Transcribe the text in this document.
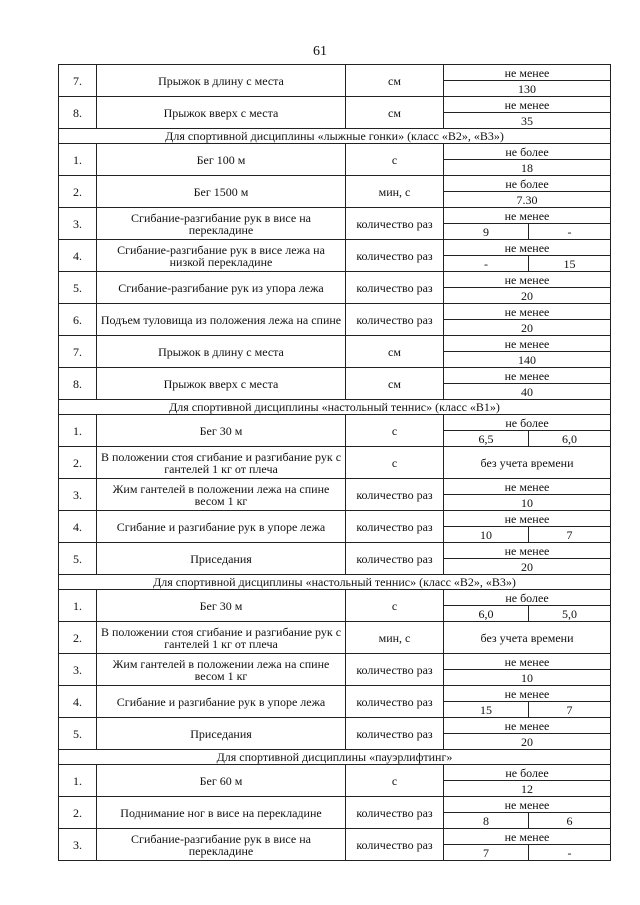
61
7.	Прыжок в длину с места	см	не менее	
			130	
8.	Прыжок вверх с места	см	не менее	
			35	
Для спортивной дисциплины «лыжные гонки» (класс «В2», «В3»)				
1.	Бег 100 м	с	не более	
			18	
2.	Бег 1500 м	мин, с	не более	
			7.30	
3.	Сгибание-разгибание рук в висе на перекладине	количество раз	не менее	
			9	-
4.	Сгибание-разгибание рук в висе лежа на низкой перекладине	количество раз	не менее	
			-	15
5.	Сгибание-разгибание рук из упора лежа	количество раз	не менее	
			20	
6.	Подъем туловища из положения лежа на спине	количество раз	не менее	
			20	
7.	Прыжок в длину с места	см	не менее	
			140	
8.	Прыжок вверх с места	см	не менее	
			40	
Для спортивной дисциплины «настольный теннис» (класс «В1»)				
1.	Бег 30 м	с	не более	
			6,5	6,0
2.	В положении стоя сгибание и разгибание рук с гантелей 1 кг от плеча	с	без учета времени	

3.	Жим гантелей в положении лежа на спине весом 1 кг	количество раз	не менее	
			10	
4.	Сгибание и разгибание рук в упоре лежа	количество раз	не менее	
			10	7
5.	Приседания	количество раз	не менее	
			20	
Для спортивной дисциплины «настольный теннис» (класс «В2», «В3»)				
1.	Бег 30 м	с	не более	
			6,0	5,0
2.	В положении стоя сгибание и разгибание рук с гантелей 1 кг от плеча	мин, с	без учета времени	

3.	Жим гантелей в положении лежа на спине весом 1 кг	количество раз	не менее	
			10	
4.	Сгибание и разгибание рук в упоре лежа	количество раз	не менее	
			15	7
5.	Приседания	количество раз	не менее	
			20	
Для спортивной дисциплины «пауэрлифтинг»				
1.	Бег 60 м	с	не более	
			12	
2.	Поднимание ног в висе на перекладине	количество раз	не менее	
			8	6
3.	Сгибание-разгибание рук в висе на перекладине	количество раз	не менее	
			7	-
